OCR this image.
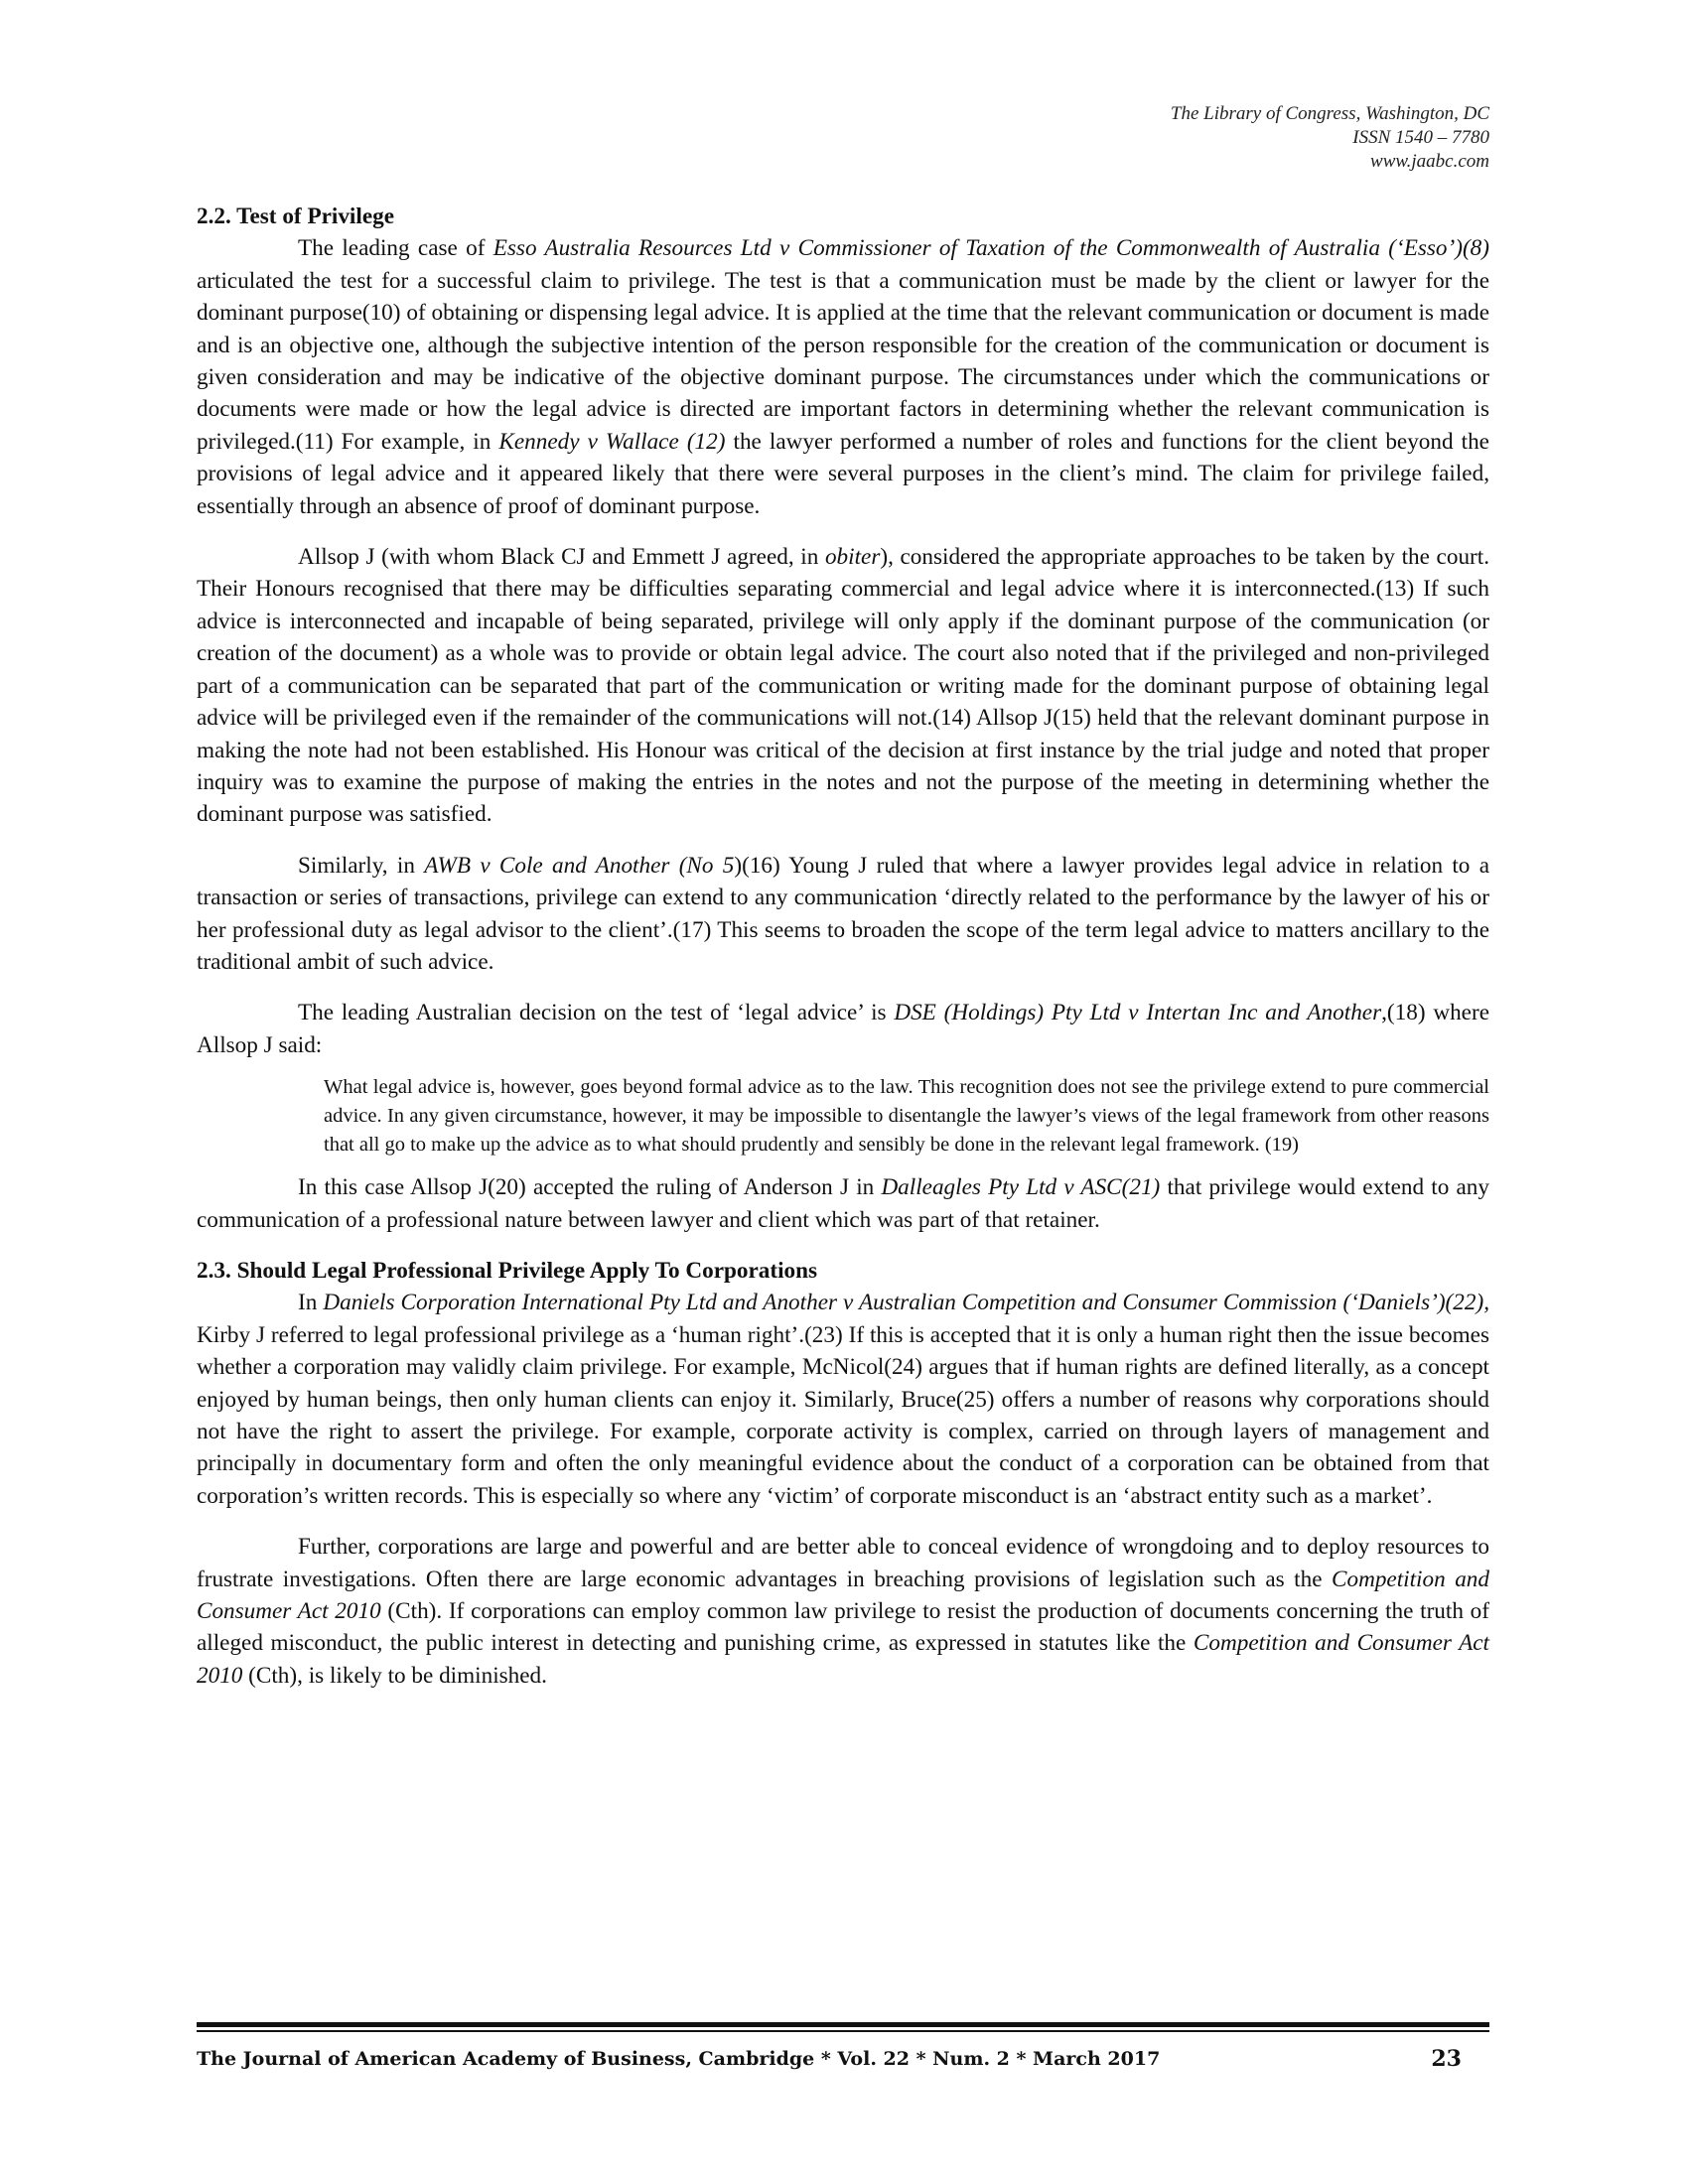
The Library of Congress, Washington, DC
ISSN 1540 – 7780
www.jaabc.com
2.2. Test of Privilege

The leading case of Esso Australia Resources Ltd v Commissioner of Taxation of the Commonwealth of Australia (‘Esso’)(8) articulated the test for a successful claim to privilege. The test is that a communication must be made by the client or lawyer for the dominant purpose(10) of obtaining or dispensing legal advice. It is applied at the time that the relevant communication or document is made and is an objective one, although the subjective intention of the person responsible for the creation of the communication or document is given consideration and may be indicative of the objective dominant purpose. The circumstances under which the communications or documents were made or how the legal advice is directed are important factors in determining whether the relevant communication is privileged.(11) For example, in Kennedy v Wallace (12) the lawyer performed a number of roles and functions for the client beyond the provisions of legal advice and it appeared likely that there were several purposes in the client’s mind. The claim for privilege failed, essentially through an absence of proof of dominant purpose.

Allsop J (with whom Black CJ and Emmett J agreed, in obiter), considered the appropriate approaches to be taken by the court. Their Honours recognised that there may be difficulties separating commercial and legal advice where it is interconnected.(13) If such advice is interconnected and incapable of being separated, privilege will only apply if the dominant purpose of the communication (or creation of the document) as a whole was to provide or obtain legal advice. The court also noted that if the privileged and non-privileged part of a communication can be separated that part of the communication or writing made for the dominant purpose of obtaining legal advice will be privileged even if the remainder of the communications will not.(14) Allsop J(15) held that the relevant dominant purpose in making the note had not been established. His Honour was critical of the decision at first instance by the trial judge and noted that proper inquiry was to examine the purpose of making the entries in the notes and not the purpose of the meeting in determining whether the dominant purpose was satisfied.

Similarly, in AWB v Cole and Another (No 5)(16) Young J ruled that where a lawyer provides legal advice in relation to a transaction or series of transactions, privilege can extend to any communication ‘directly related to the performance by the lawyer of his or her professional duty as legal advisor to the client’.(17) This seems to broaden the scope of the term legal advice to matters ancillary to the traditional ambit of such advice.

The leading Australian decision on the test of ‘legal advice’ is DSE (Holdings) Pty Ltd v Intertan Inc and Another,(18) where Allsop J said:

What legal advice is, however, goes beyond formal advice as to the law. This recognition does not see the privilege extend to pure commercial advice. In any given circumstance, however, it may be impossible to disentangle the lawyer’s views of the legal framework from other reasons that all go to make up the advice as to what should prudently and sensibly be done in the relevant legal framework. (19)

In this case Allsop J(20) accepted the ruling of Anderson J in Dalleagles Pty Ltd v ASC(21) that privilege would extend to any communication of a professional nature between lawyer and client which was part of that retainer.

2.3. Should Legal Professional Privilege Apply To Corporations

In Daniels Corporation International Pty Ltd and Another v Australian Competition and Consumer Commission (‘Daniels’)(22), Kirby J referred to legal professional privilege as a ‘human right’.(23) If this is accepted that it is only a human right then the issue becomes whether a corporation may validly claim privilege. For example, McNicol(24) argues that if human rights are defined literally, as a concept enjoyed by human beings, then only human clients can enjoy it. Similarly, Bruce(25) offers a number of reasons why corporations should not have the right to assert the privilege. For example, corporate activity is complex, carried on through layers of management and principally in documentary form and often the only meaningful evidence about the conduct of a corporation can be obtained from that corporation’s written records. This is especially so where any ‘victim’ of corporate misconduct is an ‘abstract entity such as a market’.

Further, corporations are large and powerful and are better able to conceal evidence of wrongdoing and to deploy resources to frustrate investigations. Often there are large economic advantages in breaching provisions of legislation such as the Competition and Consumer Act 2010 (Cth). If corporations can employ common law privilege to resist the production of documents concerning the truth of alleged misconduct, the public interest in detecting and punishing crime, as expressed in statutes like the Competition and Consumer Act 2010 (Cth), is likely to be diminished.

The Journal of American Academy of Business, Cambridge * Vol. 22 * Num. 2 * March 2017	23
